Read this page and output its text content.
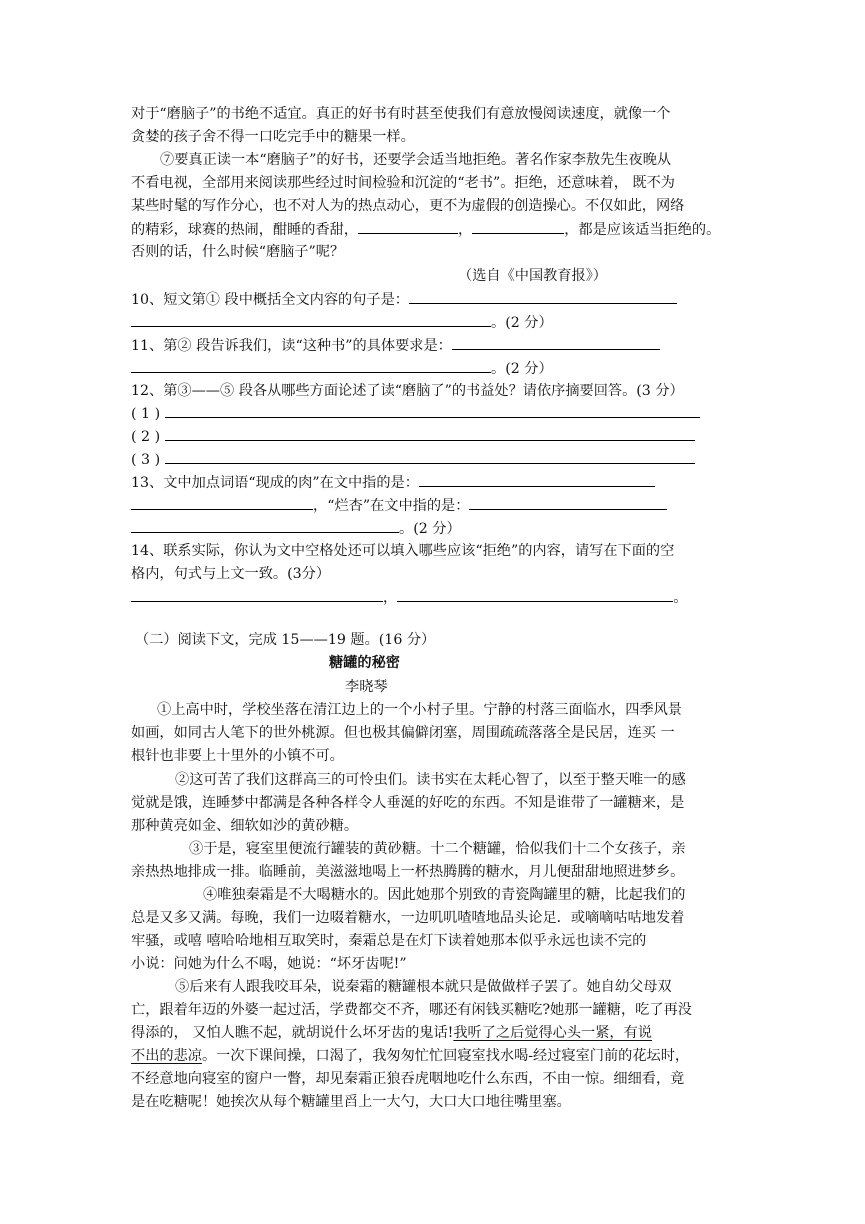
对于“磨脑子”的书绝不适宜。真正的好书有时甚至使我们有意放慢阅读速度，就像一个
贪婪的孩子舍不得一口吃完手中的糖果一样。
⑦要真正读一本“磨脑子”的好书，还要学会适当地拒绝。著名作家李敖先生夜晚从
不看电视，全部用来阅读那些经过时间检验和沉淀的“老书”。拒绝，还意味着， 既不为
某些时髦的写作分心，也不对人为的热点动心，更不为虚假的创造操心。不仅如此，网络
的精彩，球赛的热闹，酣睡的香甜，	，	，都是应该适当拒绝的。
否则的话，什么时候“磨脑子”呢？
（选自《中国教育报》）
10、短文第① 段中概括全文内容的句子是：
。(2 分）
11、第② 段告诉我们，读“这种书”的具体要求是：
。(2 分）
12、第③——⑤ 段各从哪些方面论述了读“磨脑了”的书益处？请依序摘要回答。(3 分）
( 1 )
( 2 )
( 3 )
13、文中加点词语“现成的肉”在文中指的是：
，“烂杏”在文中指的是：
。(2 分）
14、联系实际，你认为文中空格处还可以填入哪些应该“拒绝”的内容，请写在下面的空
格内，句式与上文一致。(3分）
，	。
（二）阅读下文，完成 15——19 题。(16 分）
糖罐的秘密
李晓琴
①上高中时，学校坐落在清江边上的一个小村子里。宁静的村落三面临水，四季风景
如画，如同古人笔下的世外桃源。但也极其偏僻闭塞，周围疏疏落落全是民居，连买 一
根针也非要上十里外的小镇不可。
②这可苦了我们这群高三的可怜虫们。读书实在太耗心智了，以至于整天唯一的感
觉就是饿，连睡梦中都满是各种各样令人垂涎的好吃的东西。不知是谁带了一罐糖来，是
那种黄亮如金、细软如沙的黄砂糖。
③于是，寝室里便流行罐装的黄砂糖。十二个糖罐，恰似我们十二个女孩子，亲
亲热热地排成一排。临睡前，美滋滋地喝上一杯热腾腾的糖水，月儿便甜甜地照进梦乡。
④唯独秦霜是不大喝糖水的。因此她那个别致的青瓷陶罐里的糖，比起我们的
总是又多又满。每晚，我们一边啜着糖水，一边叽叽喳喳地品头论足．或嘀嘀咕咕地发着
牢骚，或嘻 嘻哈哈地相互取笑时，秦霜总是在灯下读着她那本似乎永远也读不完的
小说：问她为什么不喝，她说：“坏牙齿呢!”
⑤后来有人跟我咬耳朵，说秦霜的糖罐根本就只是做做样子罢了。她自幼父母双
亡，跟着年迈的外婆一起过活，学费都交不齐，哪还有闲钱买糖吃?她那一罐糖，吃了再没
得添的， 又怕人瞧不起，就胡说什么坏牙齿的鬼话!我听了之后觉得心头一紧，有说
不出的悲凉。一次下课间操，口渴了，我匆匆忙忙回寝室找水喝-经过寝室门前的花坛时，
不经意地向寝室的窗户一瞥，却见秦霜正狼吞虎咽地吃什么东西，不由一惊。细细看，竟
是在吃糖呢！她挨次从每个糖罐里舀上一大勺，大口大口地往嘴里塞。
